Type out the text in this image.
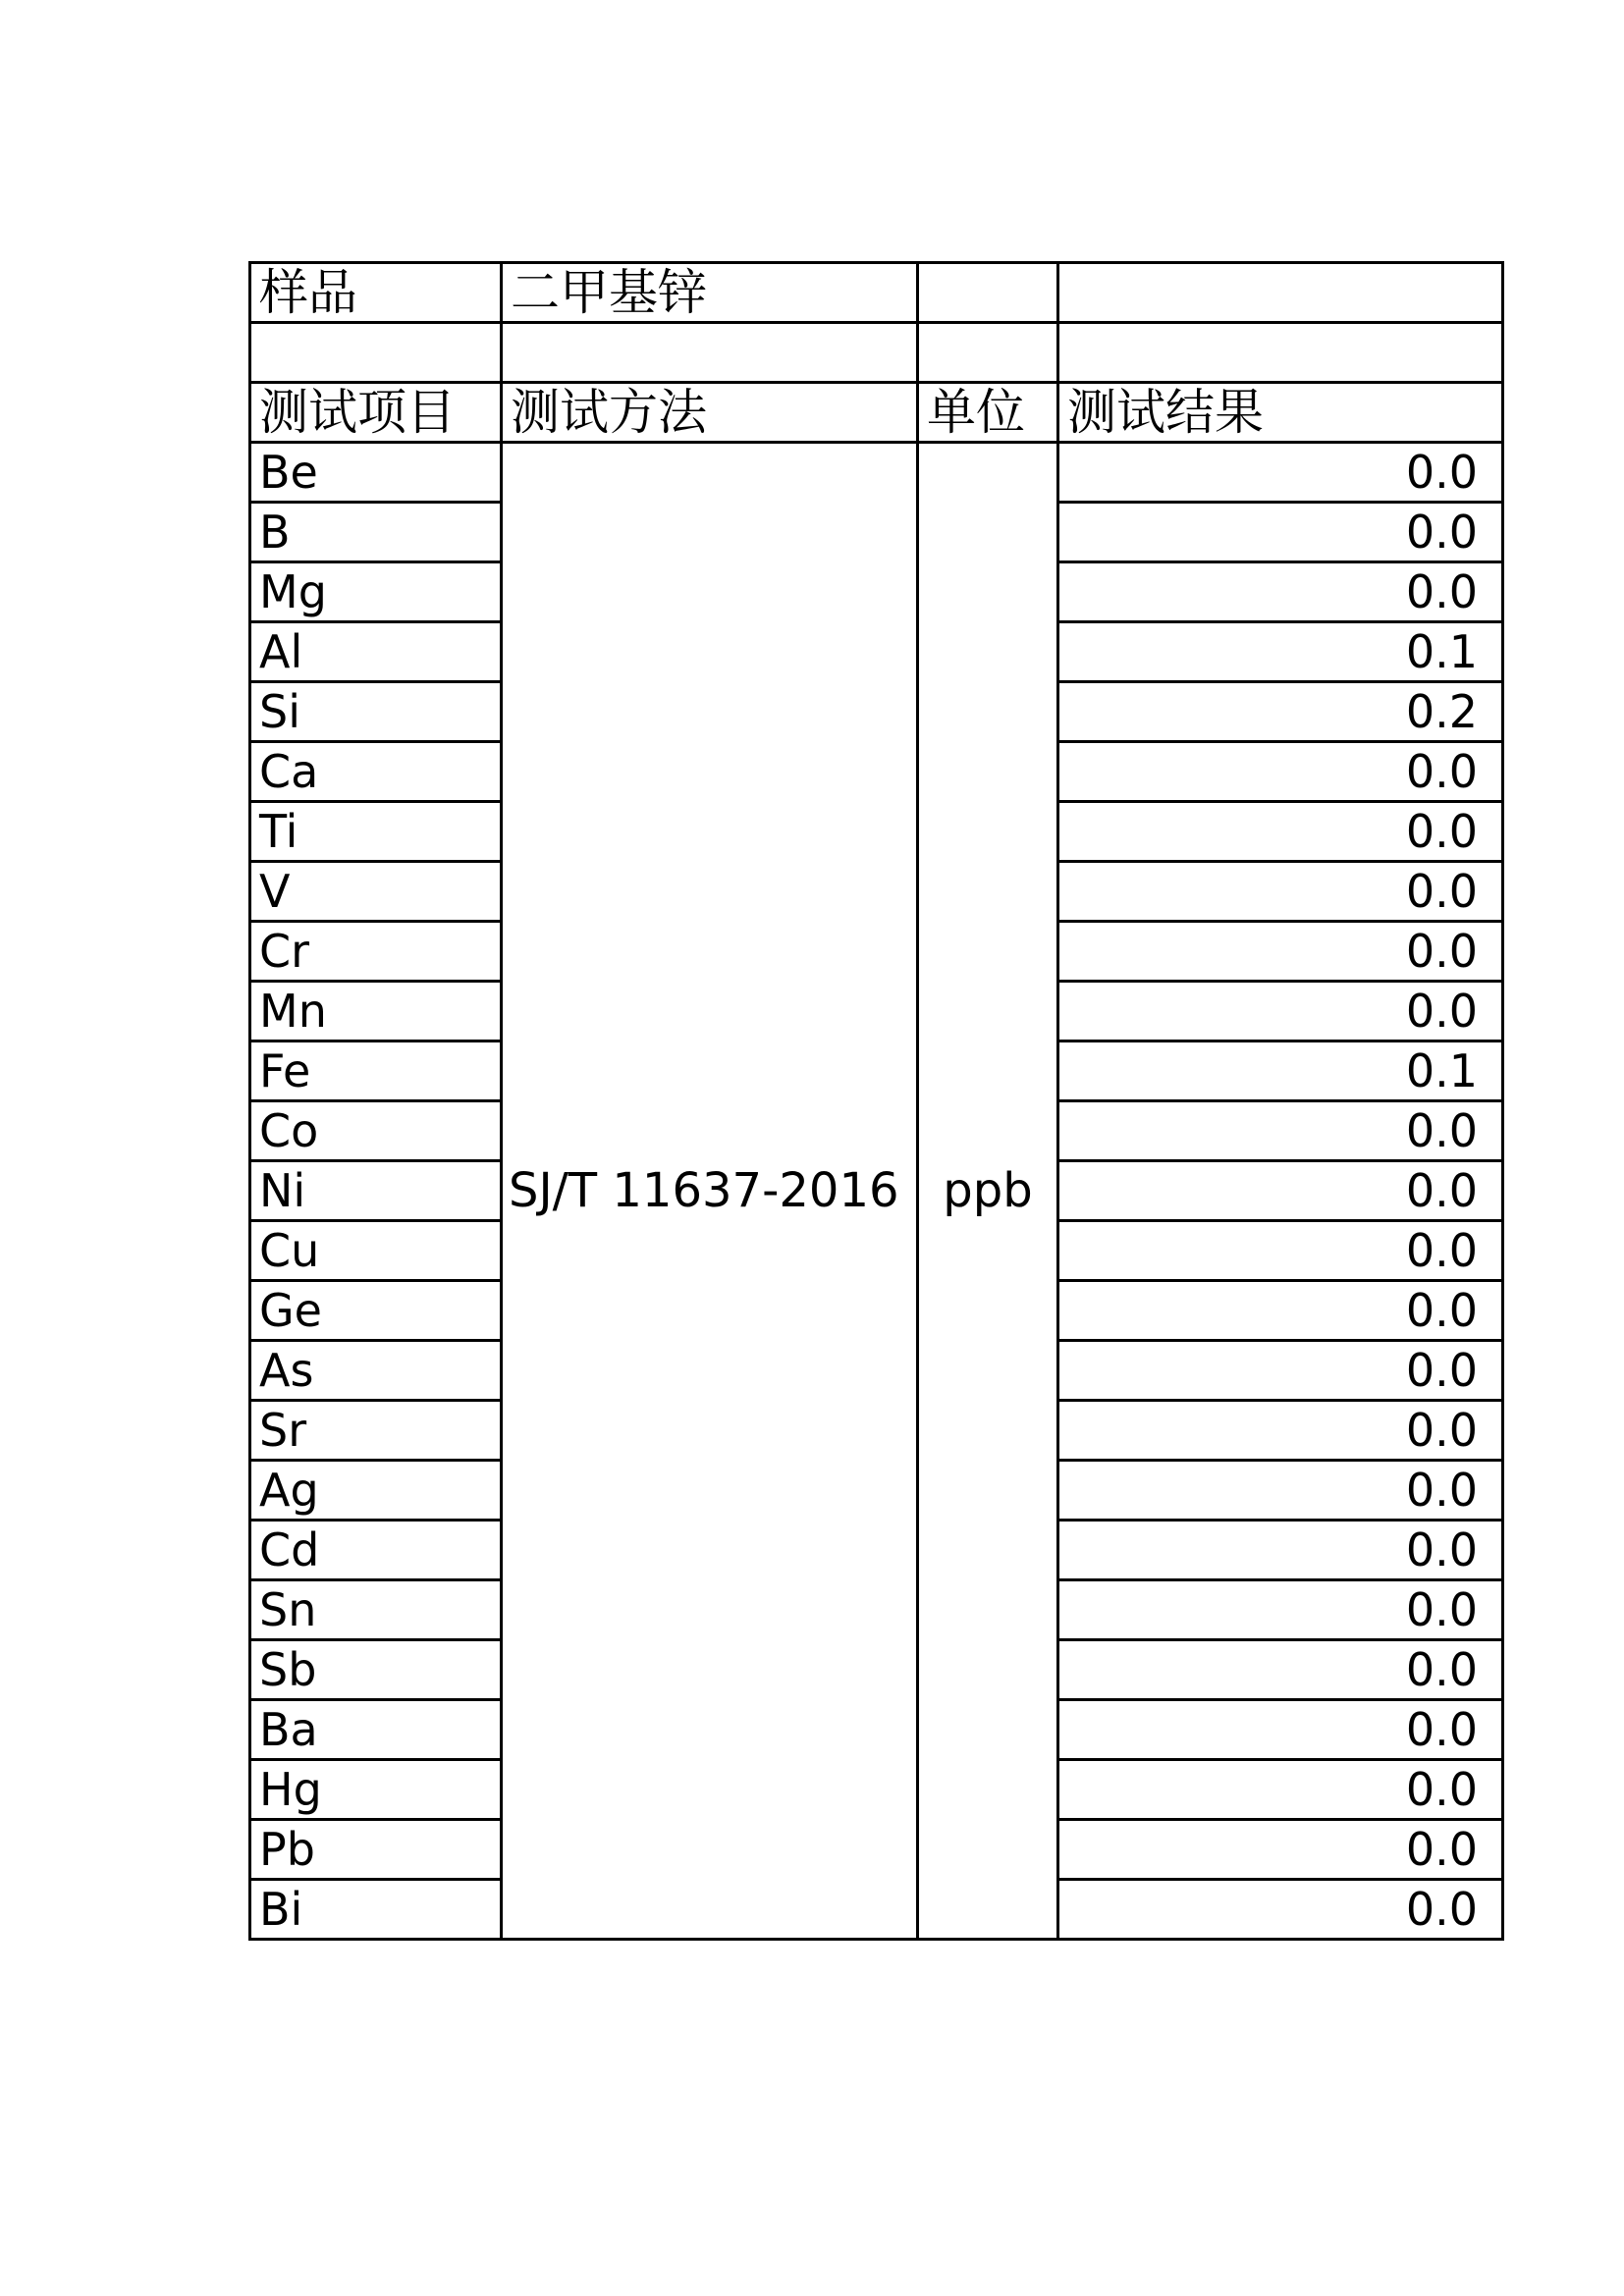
样品	二甲基锌		

测试项目	测试方法	单位	测试结果
Be	SJ/T 11637-2016	ppb	0.0
B			0.0
Mg			0.0
Al			0.1
Si			0.2
Ca			0.0
Ti			0.0
V			0.0
Cr			0.0
Mn			0.0
Fe			0.1
Co			0.0
Ni			0.0
Cu			0.0
Ge			0.0
As			0.0
Sr			0.0
Ag			0.0
Cd			0.0
Sn			0.0
Sb			0.0
Ba			0.0
Hg			0.0
Pb			0.0
Bi			0.0
